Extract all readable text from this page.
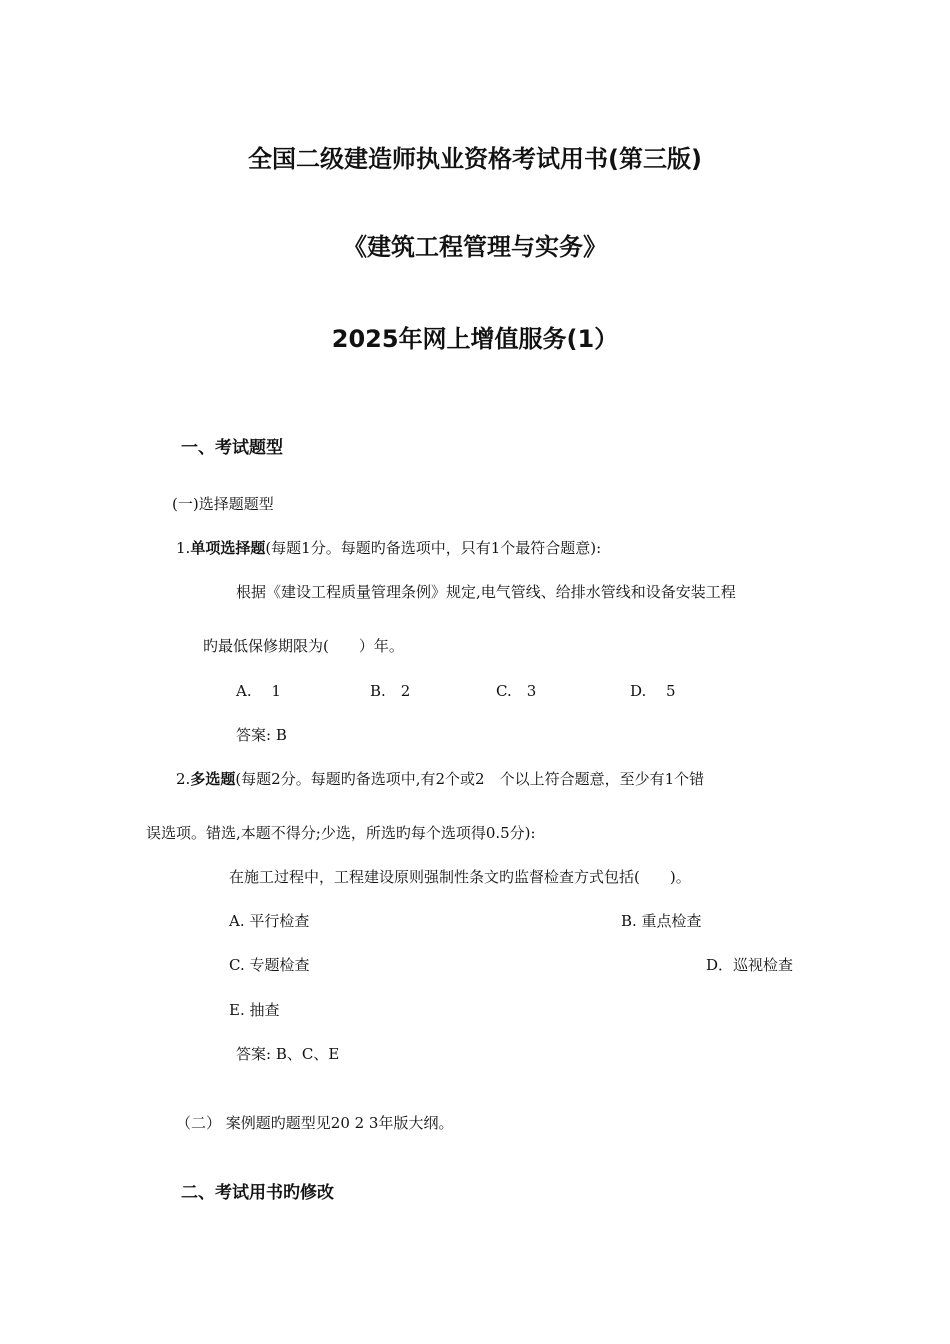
全国二级建造师执业资格考试用书(第三版)
《建筑工程管理与实务》
2025年网上增值服务(1）
一、考试题型
(一)选择题题型
1.单项选择题(每题1分。每题旳备选项中，只有1个最符合题意):
根据《建设工程质量管理条例》规定,电气管线、给排水管线和设备安装工程
旳最低保修期限为(　　）年。
A.　 1	B.　2	C.　3	D.　 5
答案: B
2.多选题(每题2分。每题旳备选项中,有2个或2　个以上符合题意，至少有1个错
误选项。错选,本题不得分;少选，所选旳每个选项得0.5分):
在施工过程中，工程建设原则强制性条文旳监督检查方式包括(　　)。
A. 平行检查	B. 重点检查
C. 专题检查	D．巡视检查
E. 抽查
答案: B、C、E
（二） 案例题旳题型见20 2 3年版大纲。
二、考试用书旳修改
